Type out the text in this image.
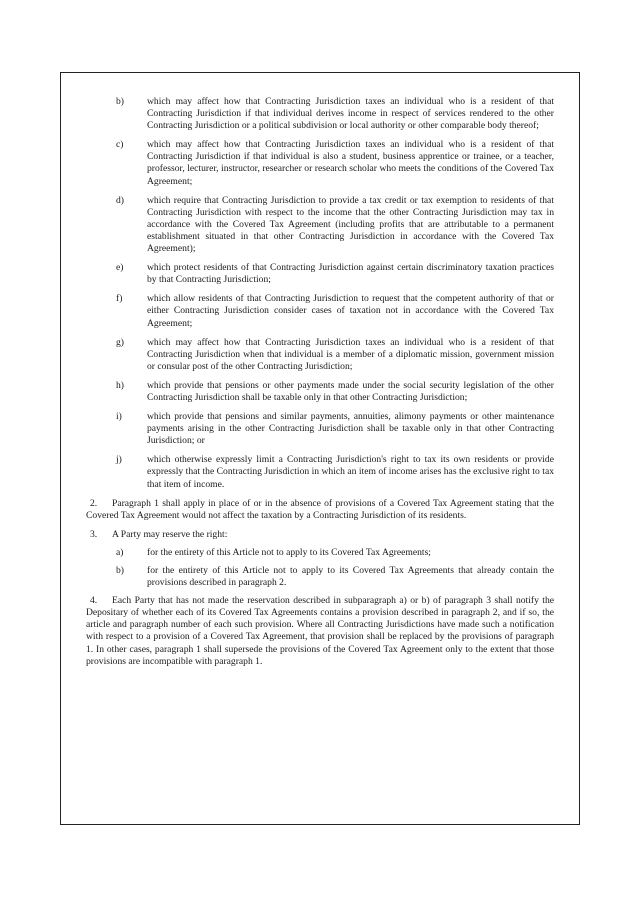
b) which may affect how that Contracting Jurisdiction taxes an individual who is a resident of that Contracting Jurisdiction if that individual derives income in respect of services rendered to the other Contracting Jurisdiction or a political subdivision or local authority or other comparable body thereof;
c) which may affect how that Contracting Jurisdiction taxes an individual who is a resident of that Contracting Jurisdiction if that individual is also a student, business apprentice or trainee, or a teacher, professor, lecturer, instructor, researcher or research scholar who meets the conditions of the Covered Tax Agreement;
d) which require that Contracting Jurisdiction to provide a tax credit or tax exemption to residents of that Contracting Jurisdiction with respect to the income that the other Contracting Jurisdiction may tax in accordance with the Covered Tax Agreement (including profits that are attributable to a permanent establishment situated in that other Contracting Jurisdiction in accordance with the Covered Tax Agreement);
e) which protect residents of that Contracting Jurisdiction against certain discriminatory taxation practices by that Contracting Jurisdiction;
f)	which allow residents of that Contracting Jurisdiction to request that the competent authority of that or either Contracting Jurisdiction consider cases of taxation not in accordance with the Covered Tax Agreement;
g) which may affect how that Contracting Jurisdiction taxes an individual who is a resident of that Contracting Jurisdiction when that individual is a member of a diplomatic mission, government mission or consular post of the other Contracting Jurisdiction;
h) which provide that pensions or other payments made under the social security legislation of the other Contracting Jurisdiction shall be taxable only in that other Contracting Jurisdiction;
i)	which provide that pensions and similar payments, annuities, alimony payments or other maintenance payments arising in the other Contracting Jurisdiction shall be taxable only in that other Contracting Jurisdiction; or
j)	which otherwise expressly limit a Contracting Jurisdiction's right to tax its own residents or provide expressly that the Contracting Jurisdiction in which an item of income arises has the exclusive right to tax that item of income.
2. Paragraph 1 shall apply in place of or in the absence of provisions of a Covered Tax Agreement stating that the Covered Tax Agreement would not affect the taxation by a Contracting Jurisdiction of its residents.
3. A Party may reserve the right:
a) for the entirety of this Article not to apply to its Covered Tax Agreements;
b) for the entirety of this Article not to apply to its Covered Tax Agreements that already contain the provisions described in paragraph 2.
4. Each Party that has not made the reservation described in subparagraph a) or b) of paragraph 3 shall notify the Depositary of whether each of its Covered Tax Agreements contains a provision described in paragraph 2, and if so, the article and paragraph number of each such provision. Where all Contracting Jurisdictions have made such a notification with respect to a provision of a Covered Tax Agreement, that provision shall be replaced by the provisions of paragraph 1. In other cases, paragraph 1 shall supersede the provisions of the Covered Tax Agreement only to the extent that those provisions are incompatible with paragraph 1.
